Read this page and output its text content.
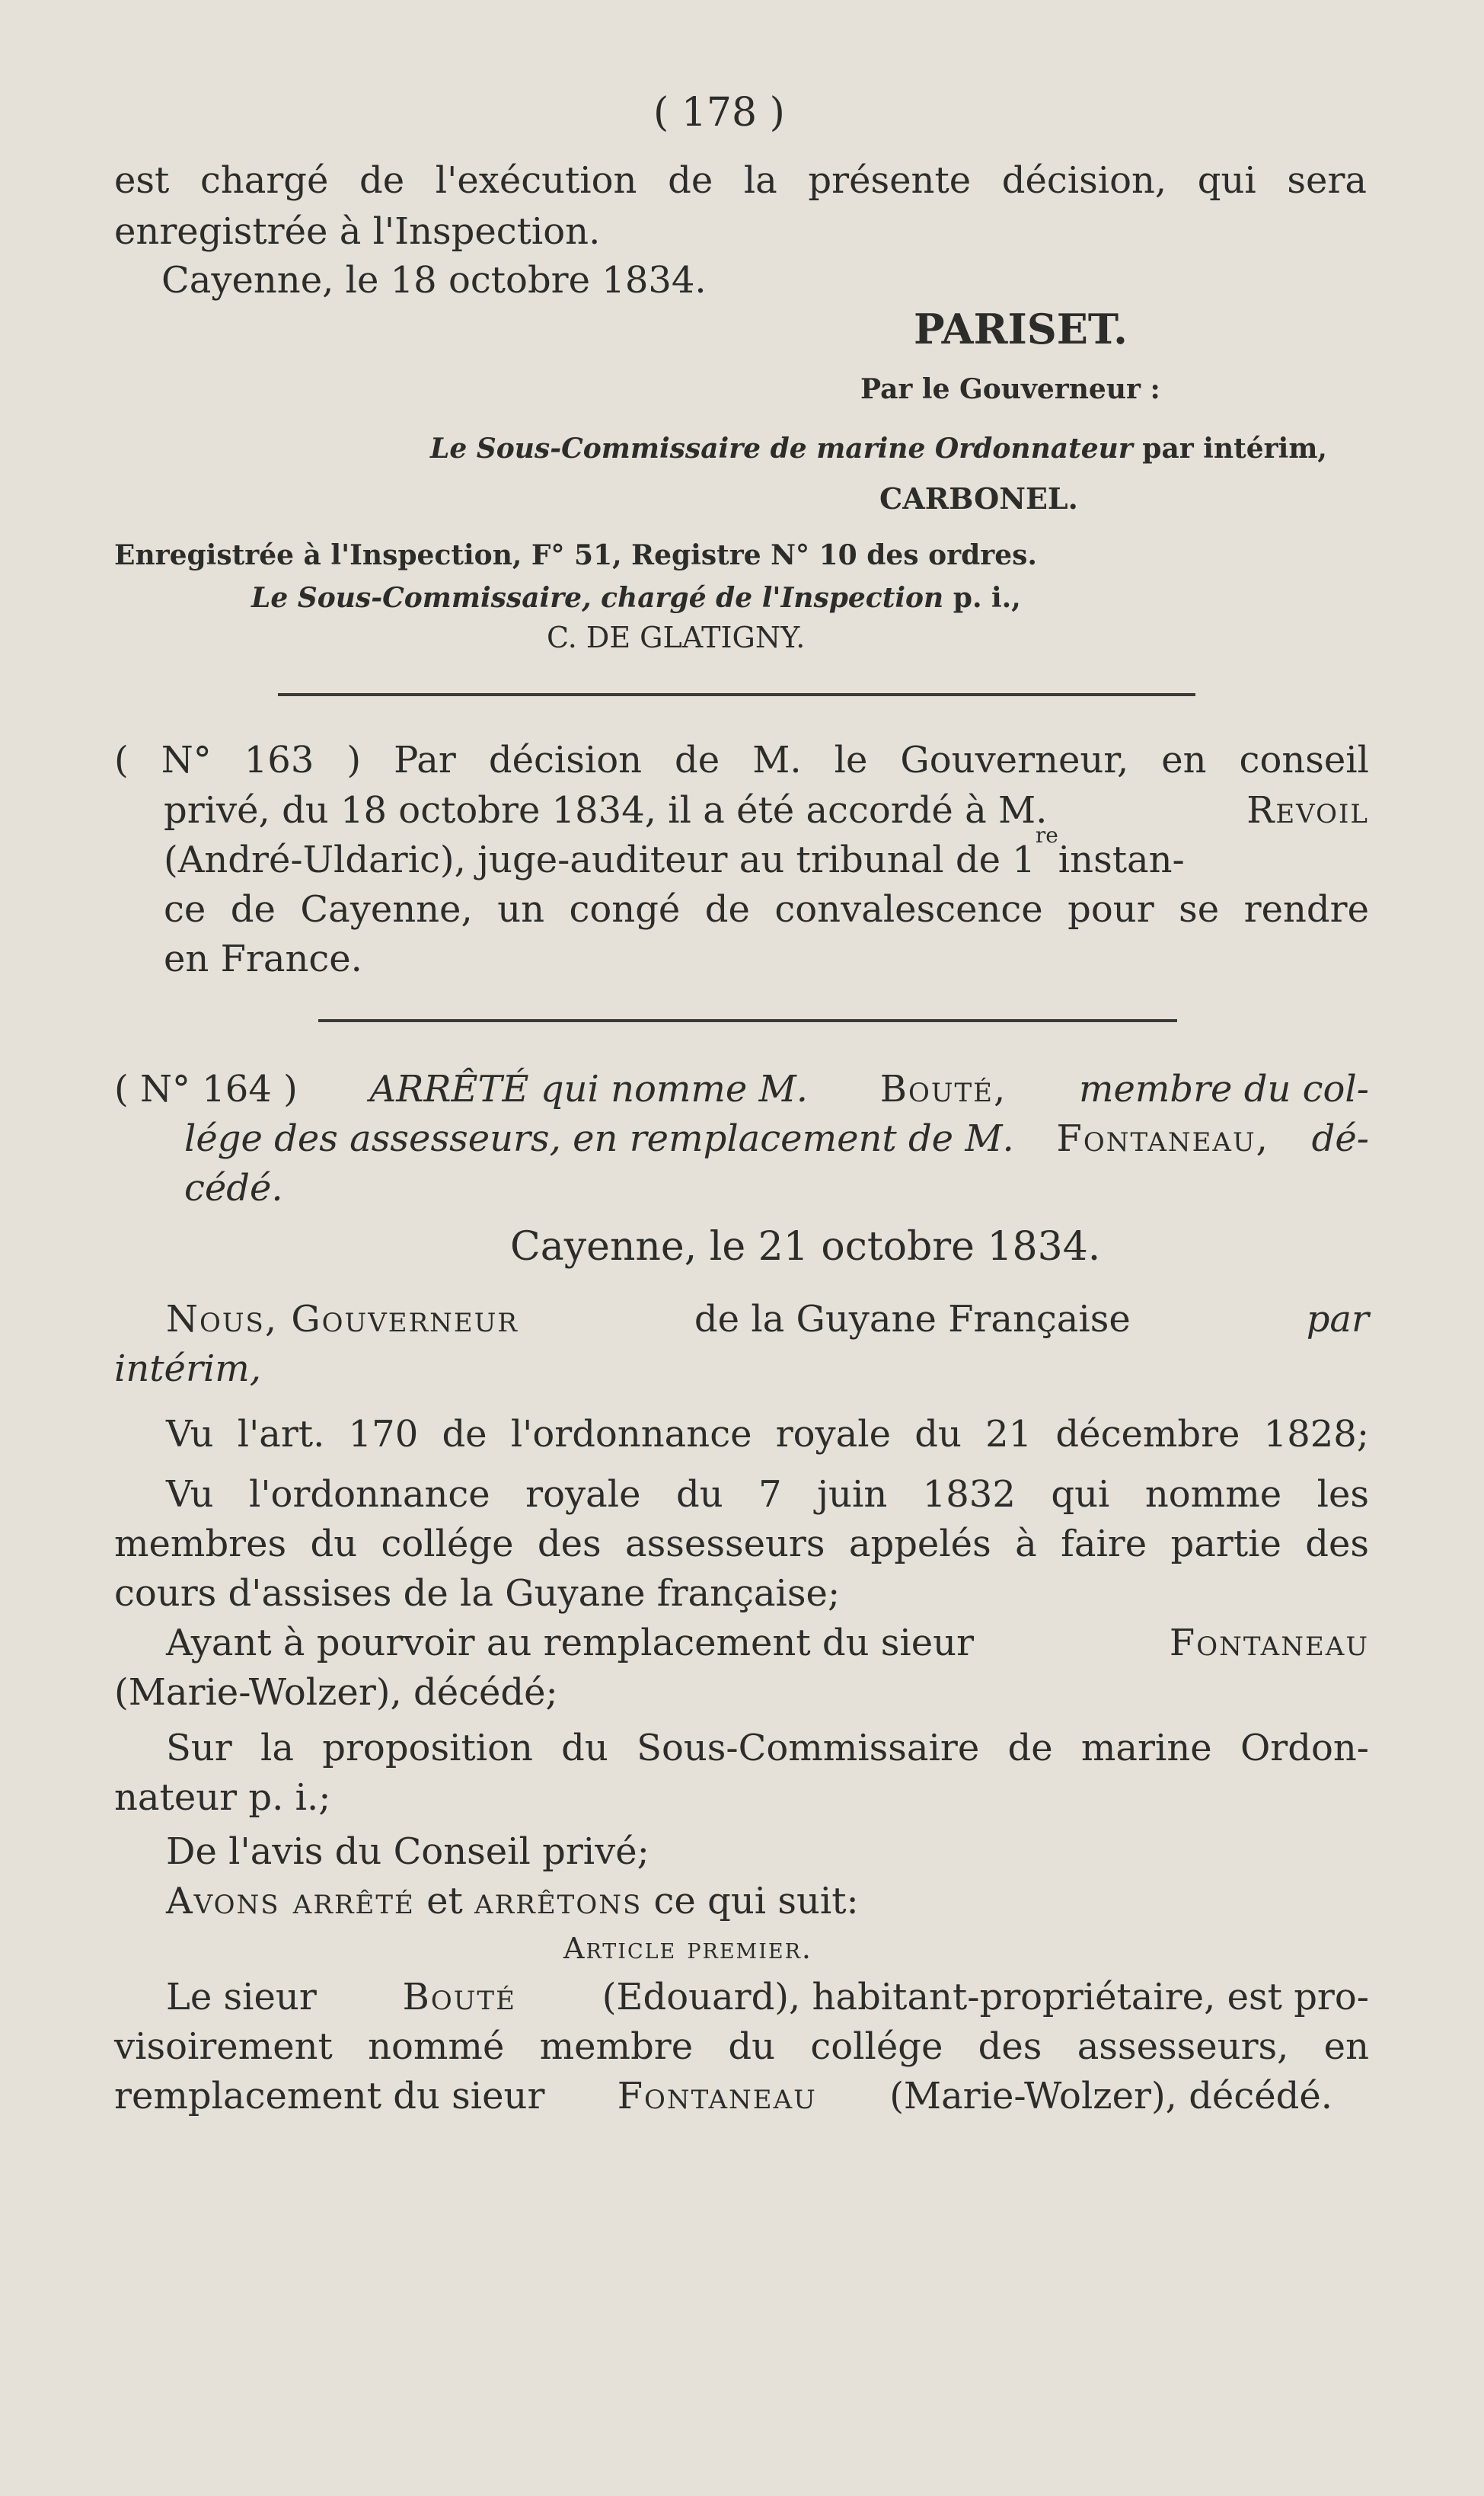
( 178 )
est chargé de l'exécution de la présente décision, qui sera
enregistrée à l'Inspection.
Cayenne, le 18 octobre 1834.
PARISET.
Par le Gouverneur :
Le Sous-Commissaire de marine Ordonnateur par intérim,
CARBONEL.
Enregistrée à l'Inspection, F° 51, Registre N° 10 des ordres.
Le Sous-Commissaire, chargé de l'Inspection p. i.,
C. DE GLATIGNY.
( N° 163 ) Par décision de M. le Gouverneur, en conseil
privé, du 18 octobre 1834, il a été accordé à M.	Revoil
(André-Uldaric), juge-auditeur au tribunal de 1
re
instan-
ce de Cayenne, un congé de convalescence pour se rendre
en France.
( N° 164 ) ARRÊTÉ qui nomme M. Bouté, membre du col-
lége des assesseurs, en remplacement de M. Fontaneau, dé-
cédé.
Cayenne, le 21 octobre 1834.
Nous, Gouverneur	de la Guyane Française	par
intérim,
Vu l'art. 170 de l'ordonnance royale du 21 décembre 1828;
Vu l'ordonnance royale du 7 juin 1832 qui nomme les
membres du collége des assesseurs appelés à faire partie des
cours d'assises de la Guyane française;
Ayant à pourvoir au remplacement du sieur	Fontaneau
(Marie-Wolzer), décédé;
Sur la proposition du Sous-Commissaire de marine Ordon-
nateur p. i.;
De l'avis du Conseil privé;
Avons arrêté et arrêtons ce qui suit:
Article premier.
Le sieur Bouté (Edouard), habitant-propriétaire, est pro-
visoirement nommé membre du collége des assesseurs, en
remplacement du sieur Fontaneau (Marie-Wolzer), décédé.
